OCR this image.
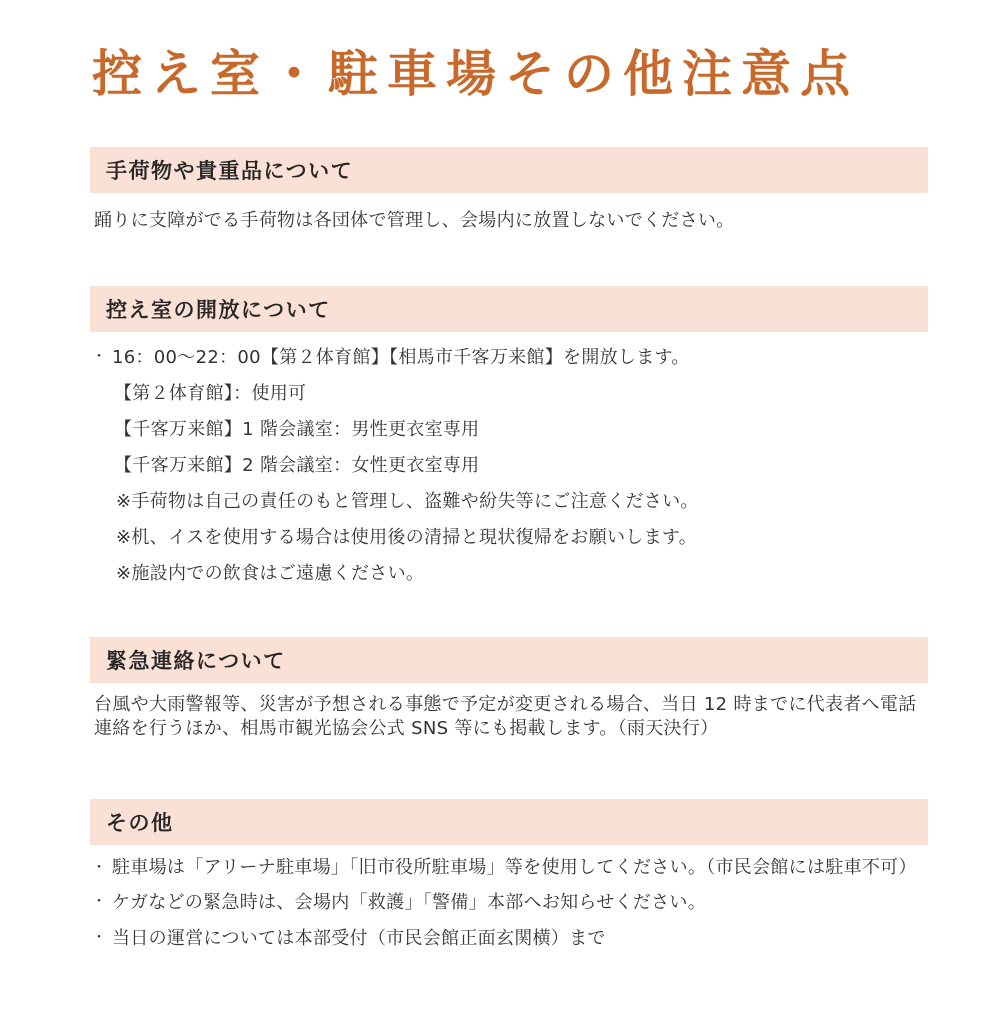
控え室・駐車場その他注意点
手荷物や貴重品について

踊りに支障がでる手荷物は各団体で管理し、会場内に放置しないでください。

控え室の開放について
・ 16：00～22：00【第２体育館】【相馬市千客万来館】を開放します。
【第２体育館】：使用可
【千客万来館】1 階会議室：男性更衣室専用
【千客万来館】2 階会議室：女性更衣室専用
※手荷物は自己の責任のもと管理し、盗難や紛失等にご注意ください。
※机、イスを使用する場合は使用後の清掃と現状復帰をお願いします。
※施設内での飲食はご遠慮ください。
緊急連絡について

台風や大雨警報等、災害が予想される事態で予定が変更される場合、当日 12 時までに代表者へ電話連絡を行うほか、相馬市観光協会公式 SNS 等にも掲載します。（雨天決行）

その他
・ 駐車場は「アリーナ駐車場」「旧市役所駐車場」等を使用してください。（市民会館には駐車不可）
・ ケガなどの緊急時は、会場内「救護」「警備」本部へお知らせください。
・ 当日の運営については本部受付（市民会館正面玄関横）まで
